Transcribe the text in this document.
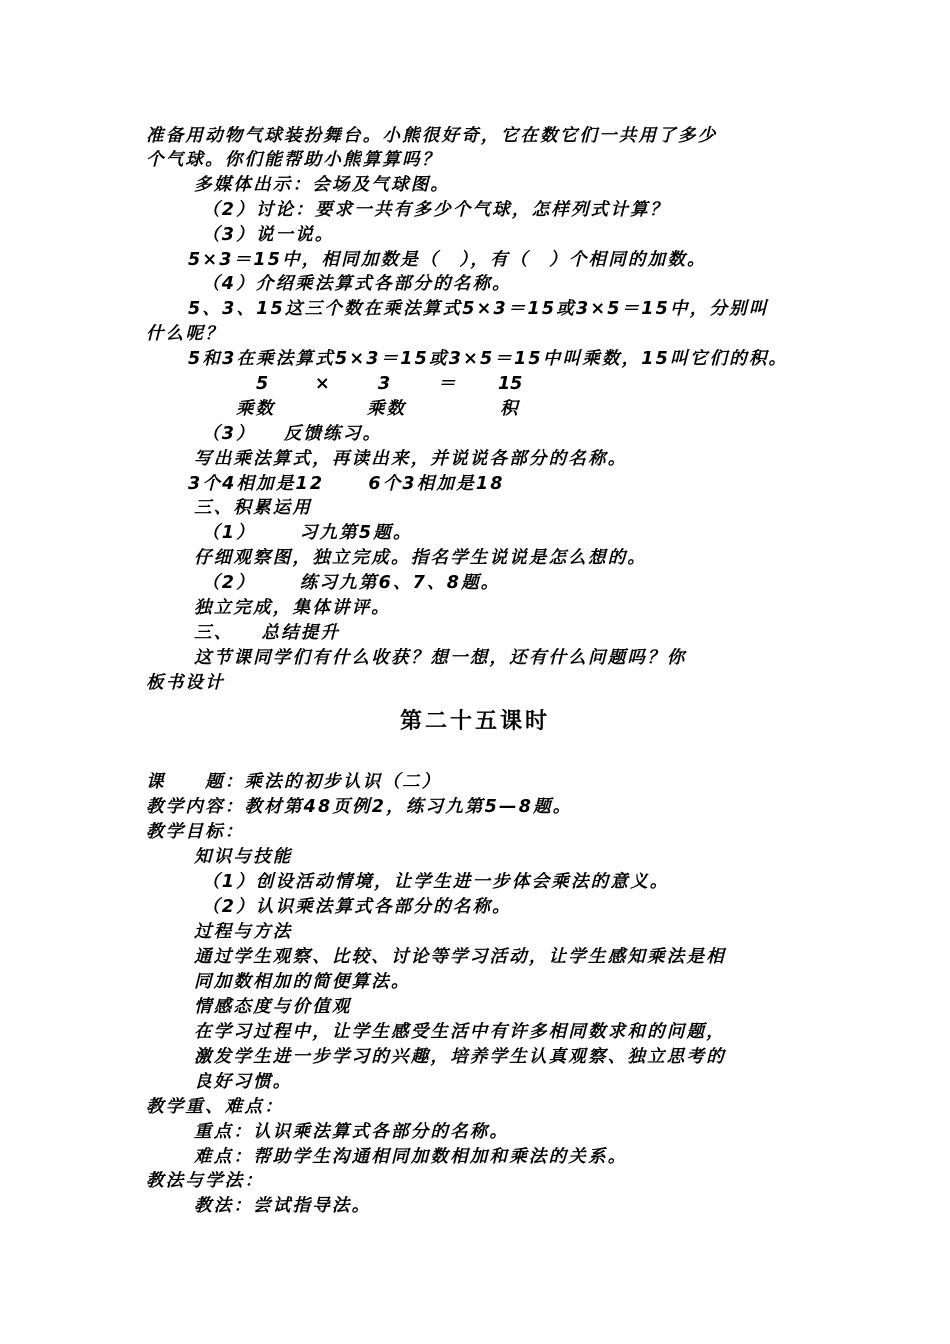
准备用动物气球装扮舞台。小熊很好奇，它在数它们一共用了多少
个气球。你们能帮助小熊算算吗？
多媒体出示：会场及气球图。
（2）讨论：要求一共有多少个气球，怎样列式计算？
（3）说一说。
5×3＝15中，相同加数是（　），有（　）个相同的加数。
（4）介绍乘法算式各部分的名称。
5、3、15这三个数在乘法算式5×3＝15或3×5＝15中，分别叫
什么呢？
5和3在乘法算式5×3＝15或3×5＝15中叫乘数，15叫它们的积。
5	×	3	＝ 15
乘数	乘数	积
（3） 反馈练习。
写出乘法算式，再读出来，并说说各部分的名称。
3个4相加是12	6个3相加是18
三、积累运用
（1）	习九第5题。
仔细观察图，独立完成。指名学生说说是怎么想的。
（2）	练习九第6、7、8题。
独立完成，集体讲评。
三、 总结提升
这节课同学们有什么收获？想一想，还有什么问题吗？你
板书设计
第二十五课时
课　　题：乘法的初步认识（二）
教学内容：教材第48页例2，练习九第5—8题。
教学目标：
知识与技能
（1）创设活动情境，让学生进一步体会乘法的意义。
（2）认识乘法算式各部分的名称。
过程与方法
通过学生观察、比较、讨论等学习活动，让学生感知乘法是相
同加数相加的简便算法。
情感态度与价值观
在学习过程中，让学生感受生活中有许多相同数求和的问题，
激发学生进一步学习的兴趣，培养学生认真观察、独立思考的
良好习惯。
教学重、难点：
重点：认识乘法算式各部分的名称。
难点：帮助学生沟通相同加数相加和乘法的关系。
教法与学法：
教法：尝试指导法。
